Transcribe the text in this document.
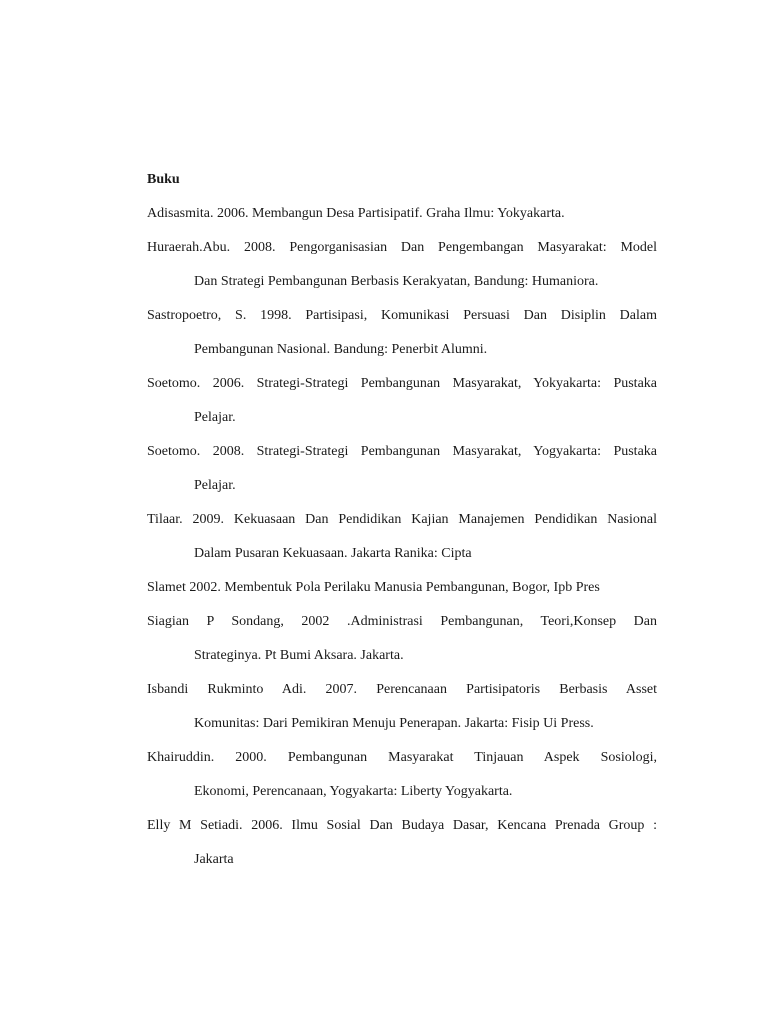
Buku
Adisasmita. 2006. Membangun Desa Partisipatif. Graha Ilmu: Yokyakarta.
Huraerah.Abu. 2008. Pengorganisasian Dan Pengembangan Masyarakat: Model
Dan Strategi Pembangunan Berbasis Kerakyatan, Bandung: Humaniora.
Sastropoetro, S. 1998. Partisipasi, Komunikasi Persuasi Dan Disiplin Dalam
Pembangunan Nasional. Bandung: Penerbit Alumni.
Soetomo. 2006. Strategi-Strategi Pembangunan Masyarakat, Yokyakarta: Pustaka
Pelajar.
Soetomo. 2008. Strategi-Strategi Pembangunan Masyarakat, Yogyakarta: Pustaka
Pelajar.
Tilaar. 2009. Kekuasaan Dan Pendidikan Kajian Manajemen Pendidikan Nasional
Dalam Pusaran Kekuasaan. Jakarta Ranika: Cipta
Slamet 2002. Membentuk Pola Perilaku Manusia Pembangunan, Bogor, Ipb Pres
Siagian P Sondang, 2002 .Administrasi Pembangunan, Teori,Konsep Dan
Strateginya. Pt Bumi Aksara. Jakarta.
Isbandi Rukminto Adi. 2007. Perencanaan Partisipatoris Berbasis Asset
Komunitas: Dari Pemikiran Menuju Penerapan. Jakarta: Fisip Ui Press.
Khairuddin. 2000. Pembangunan Masyarakat Tinjauan Aspek Sosiologi,
Ekonomi, Perencanaan, Yogyakarta: Liberty Yogyakarta.
Elly M Setiadi. 2006. Ilmu Sosial Dan Budaya Dasar, Kencana Prenada Group :
Jakarta
